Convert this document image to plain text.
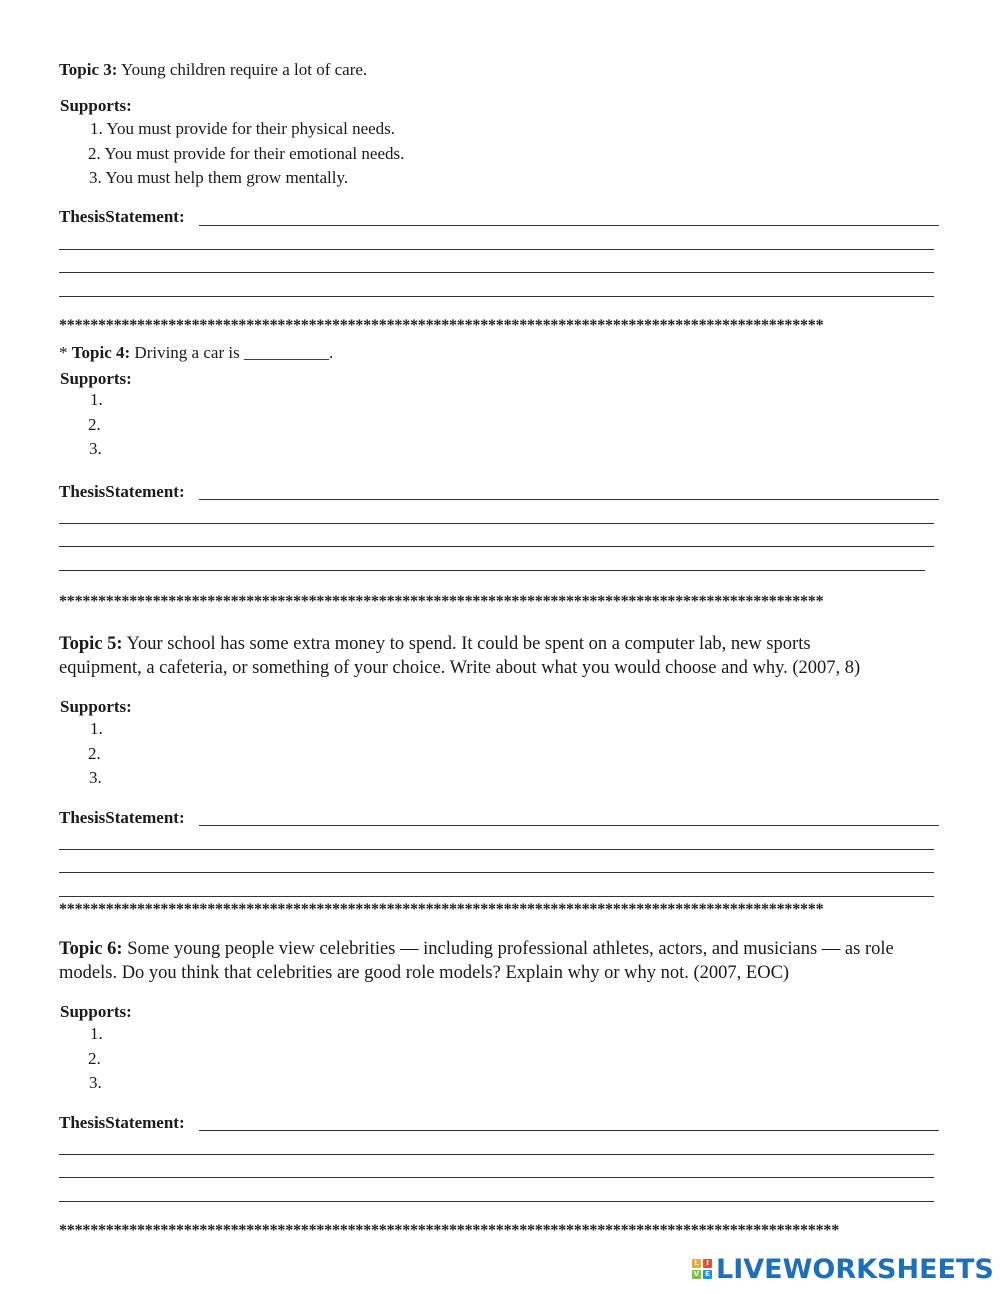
Topic 3: Young children require a lot of care.
Supports:
1. You must provide for their physical needs.
2. You must provide for their emotional needs.
3. You must help them grow mentally.
ThesisStatement:
**************************************************************************************************
* Topic 4: Driving a car is __________.
Supports:
1.
2.
3.
ThesisStatement:
**************************************************************************************************
Topic 5: Your school has some extra money to spend. It could be spent on a computer lab, new sports
equipment, a cafeteria, or something of your choice. Write about what you would choose and why. (2007, 8)
Supports:
1.
2.
3.
ThesisStatement:
**************************************************************************************************
Topic 6: Some young people view celebrities — including professional athletes, actors, and musicians — as role
models. Do you think that celebrities are good role models? Explain why or why not. (2007, EOC)
Supports:
1.
2.
3.
ThesisStatement:
****************************************************************************************************
L	I
V E LIVEWORKSHEETS
